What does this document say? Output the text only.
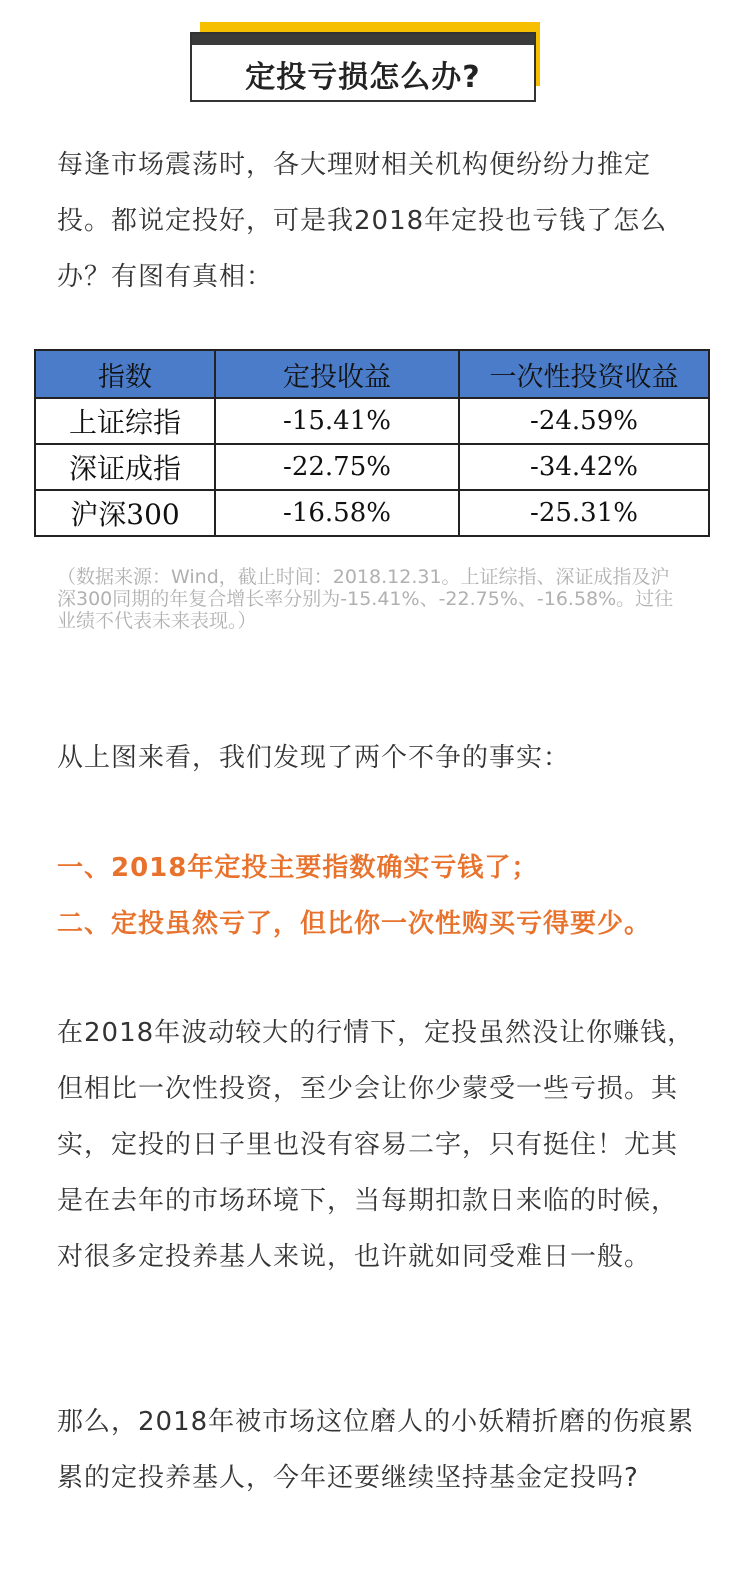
定投亏损怎么办?
每逢市场震荡时，各大理财相关机构便纷纷力推定投。都说定投好，可是我2018年定投也亏钱了怎么办？有图有真相：
指数	定投收益	一次性投资收益
上证综指	-15.41%	-24.59%
深证成指	-22.75%	-34.42%
沪深300	-16.58%	-25.31%
（数据来源：Wind，截止时间：2018.12.31。上证综指、深证成指及沪深300同期的年复合增长率分别为-15.41%、-22.75%、-16.58%。过往业绩不代表未来表现。）
从上图来看，我们发现了两个不争的事实：
一、2018年定投主要指数确实亏钱了；
二、定投虽然亏了，但比你一次性购买亏得要少。
在2018年波动较大的行情下，定投虽然没让你赚钱，但相比一次性投资，至少会让你少蒙受一些亏损。其实，定投的日子里也没有容易二字，只有挺住！尤其是在去年的市场环境下，当每期扣款日来临的时候，对很多定投养基人来说，也许就如同受难日一般。
那么，2018年被市场这位磨人的小妖精折磨的伤痕累累的定投养基人，今年还要继续坚持基金定投吗?
